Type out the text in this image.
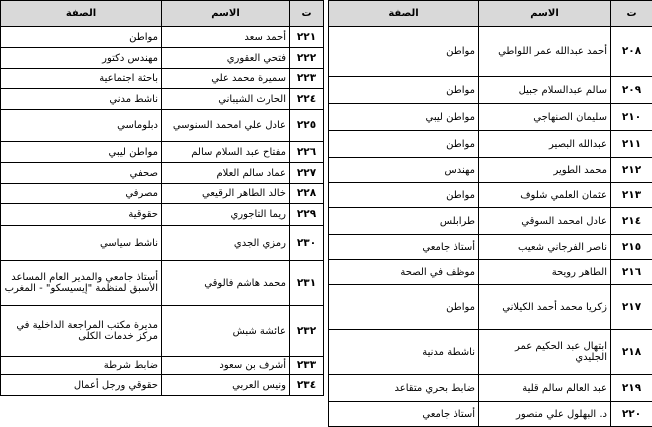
ت	الاسم	الصفة
٢٠٨	أحمد عبدالله عمر اللواطي	مواطن
٢٠٩	سالم عبدالسلام جبيل	مواطن
٢١٠	سليمان الصنهاجي	مواطن ليبي
٢١١	عبدالله البصير	مواطن
٢١٢	محمد الطوير	مهندس
٢١٣	عثمان العلمي شلوف	مواطن
٢١٤	عادل امحمد السوقي	طرابلس
٢١٥	ناصر الفرجاني شعيب	أستاذ جامعي
٢١٦	الطاهر رويحة	موظف في الصحة
٢١٧	زكريا محمد أحمد الكيلاني	مواطن
٢١٨	ابتهال عبد الحكيم عمر الجليدي	ناشطة مدنية
٢١٩	عبد العالم سالم قلية	ضابط بحري متقاعد
٢٢٠	د. البهلول علي منصور	أستاذ جامعي
ت	الاسم	الصفة
٢٢١	أحمد سعد	مواطن
٢٢٢	فتحي العقوري	مهندس دكتور
٢٢٣	سميرة محمد علي	باحثة اجتماعية
٢٢٤	الحارث الشيباني	ناشط مدني
٢٢٥	عادل علي امحمد السنوسي	دبلوماسي
٢٢٦	مفتاح عبد السلام سالم	مواطن ليبي
٢٢٧	عماد سالم العلام	صحفي
٢٢٨	خالد الطاهر الرقيعي	مصرفي
٢٢٩	ريما التاجوري	حقوقية
٢٣٠	رمزي الجدي	ناشط سياسي
٢٣١	محمد هاشم فالوقي	أستاذ جامعي والمدير العام المساعد الأسبق لمنظمة "إيسيسكو" - المغرب
٢٣٢	عائشة شبش	مديرة مكتب المراجعة الداخلية في مركز خدمات الكلى
٢٣٣	أشرف بن سعود	ضابط شرطة
٢٣٤	ونيس العربي	حقوقي ورجل أعمال
